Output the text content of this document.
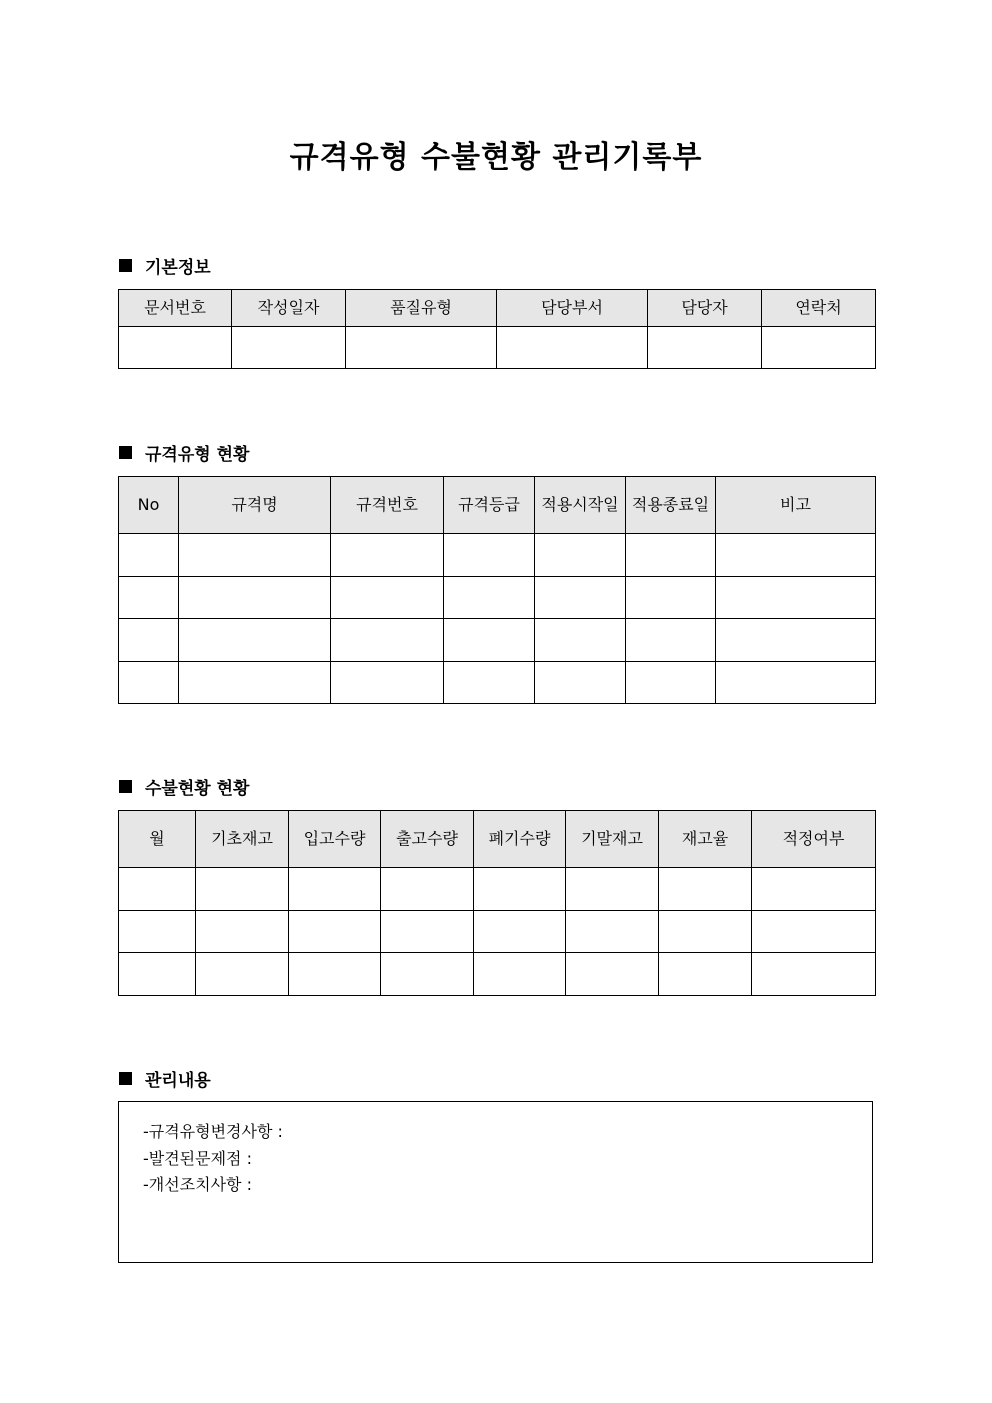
규격유형 수불현황 관리기록부
기본정보
문서번호	작성일자	품질유형	담당부서	담당자	연락처

규격유형 현황
No	규격명	규격번호	규격등급	적용시작일	적용종료일	비고

수불현황 현황
월	기초재고	입고수량	출고수량	폐기수량	기말재고	재고율	적정여부

관리내용
-규격유형변경사항 :
-발견된문제점 :
-개선조치사항 :
